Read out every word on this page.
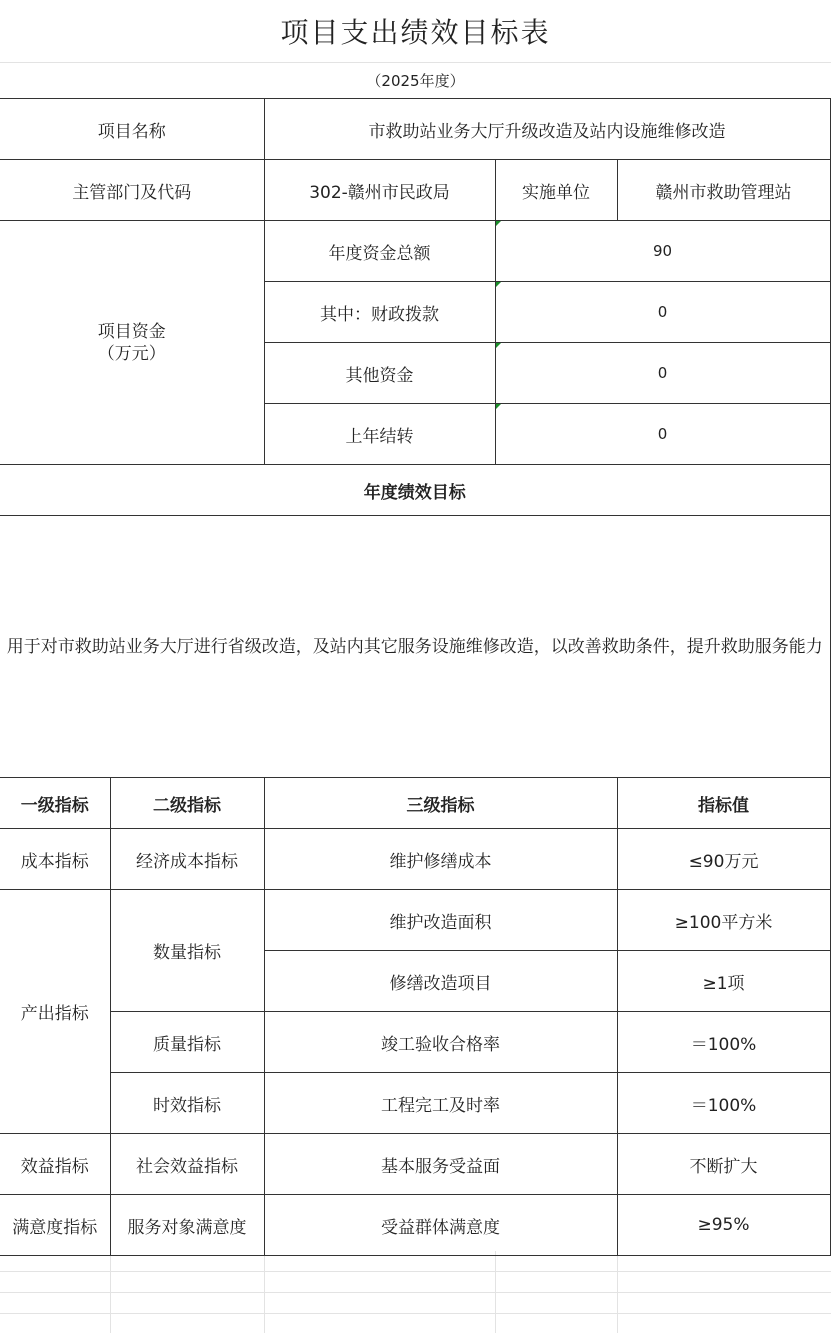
项目支出绩效目标表
（2025年度）
项目名称		市救助站业务大厅升级改造及站内设施维修改造		
主管部门及代码		302-赣州市民政局	实施单位	赣州市救助管理站
项目资金
（万元）		年度资金总额	90	
		其中：财政拨款	0	
		其他资金	0	
		上年结转	0	
年度绩效目标				
用于对市救助站业务大厅进行省级改造，及站内其它服务设施维修改造，以改善救助条件，提升救助服务能力				
一级指标	二级指标	三级指标		指标值
成本指标	经济成本指标	维护修缮成本		≤90万元
产出指标	数量指标	维护改造面积		≥100平方米
		修缮改造项目		≥1项
	质量指标	竣工验收合格率		＝100%
	时效指标	工程完工及时率		＝100%
效益指标	社会效益指标	基本服务受益面		不断扩大
满意度指标	服务对象满意度	受益群体满意度		≥95%
